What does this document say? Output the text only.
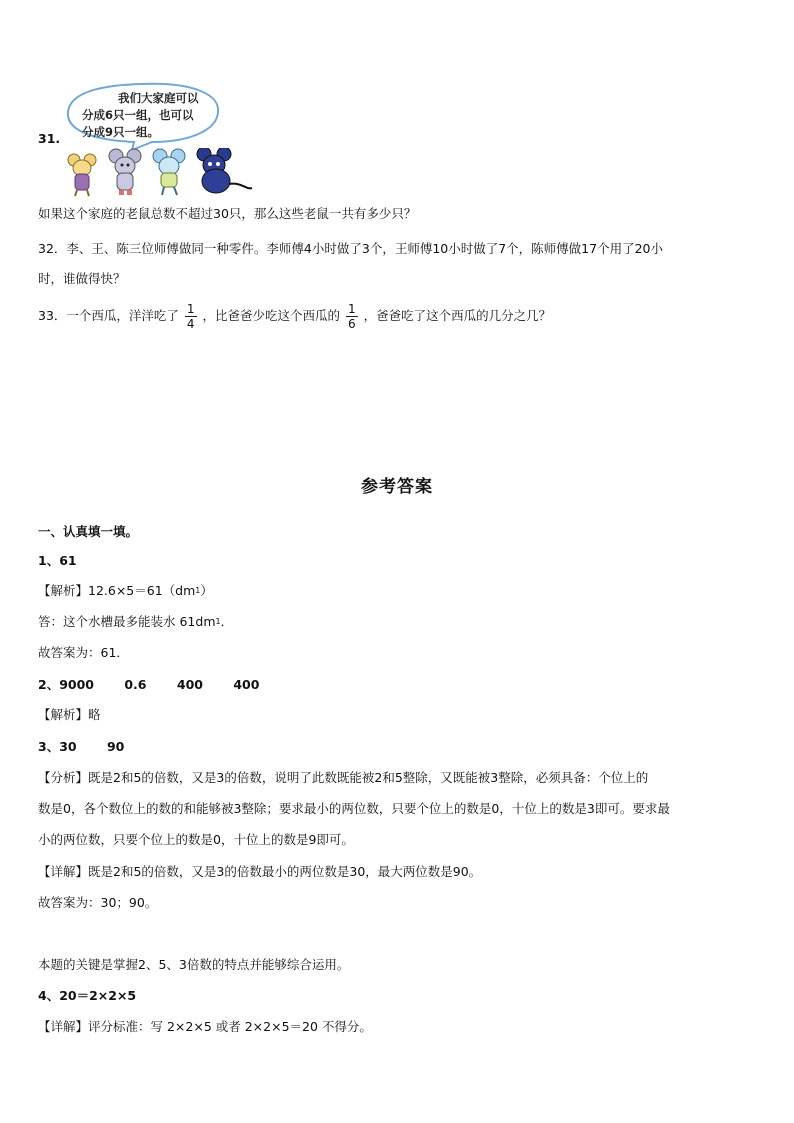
我们大家庭可以
分成6只一组，也可以
分成9只一组。
31.
如果这个家庭的老鼠总数不超过30只，那么这些老鼠一共有多少只？
32．李、王、陈三位师傅做同一种零件。李师傅4小时做了3个，王师傅10小时做了7个，陈师傅做17个用了20小
时，谁做得快？
33．一个西瓜，洋洋吃了 $\frac{1}{4}$ ，比爸爸少吃这个西瓜的 $\frac{1}{6}$ ，爸爸吃了这个西瓜的几分之几？
参考答案
一、认真填一填。
1、61
【解析】$12.6\times 5=61(dm^1)$
答：这个水槽最多能装水 $61dm^1$．
故答案为：61．
2、9000 0.6 400 400
【解析】略
3、30 90
【分析】既是2和5的倍数，又是3的倍数，说明了此数既能被2和5整除，又既能被3整除，必须具备：个位上的
数是0，各个数位上的数的和能够被3整除；要求最小的两位数，只要个位上的数是0，十位上的数是3即可。要求最
小的两位数，只要个位上的数是0，十位上的数是9即可。
【详解】既是2和5的倍数，又是3的倍数最小的两位数是30，最大两位数是90。
故答案为：30；90。
本题的关键是掌握2、5、3倍数的特点并能够综合运用。
4、20＝2×2×5
【详解】评分标准：写 2×2×5 或者 2×2×5＝20 不得分。
